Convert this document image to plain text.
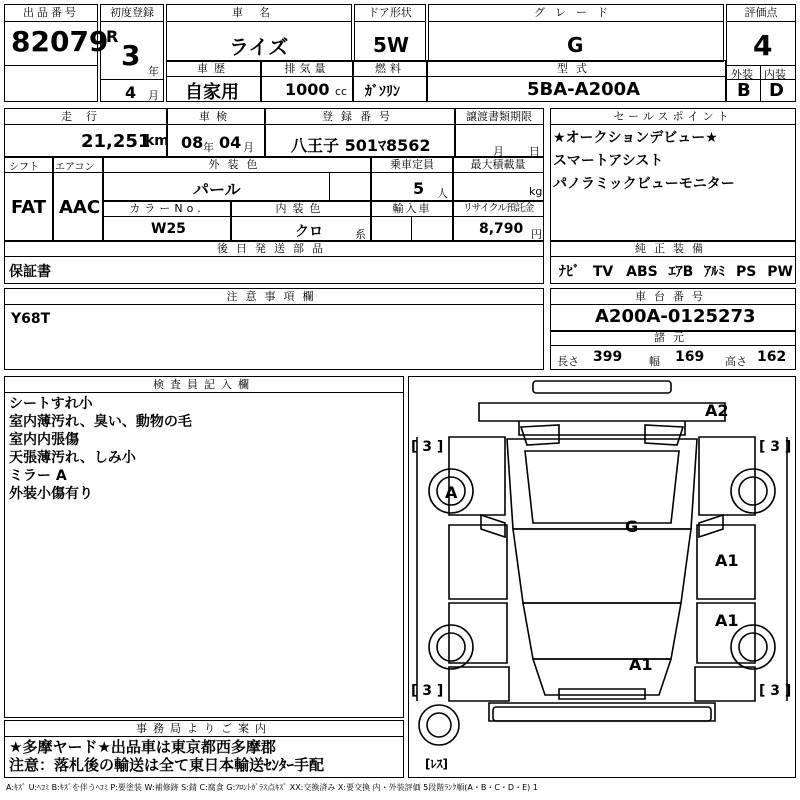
出品番号
82079
初度登録
R
3 年
4 月
車名
ライズ
ドア形状
5W
グレード
G
評価点
4
外装 内装
B D
車歴
自家用
排気量
1000 cc
燃料
ｶﾞｿﾘﾝ
型式
5BA-A200A
走行
21,251
km
車検
08 年 04 月
登録番号
八王子 501ﾏ8562
譲渡書類期限
月 日
セールスポイント
★オークションデビュー★
スマートアシスト
パノラミックビューモニター
シフト
FAT
エアコン
AAC
外装色
パール
乗車定員
5 人
最大積載量
kg
カラーNo.
W25
内装色
クロ	系
輸入車	リサイクル預託金
8,790 円
後日発送部品
保証書
純正装備
ﾅﾋﾞ TV ABS ｴｱB ｱﾙﾐ PS PW
注意事項欄
Y68T
車台番号
A200A-0125273
諸元
長さ 399 幅 169 高さ 162
検査員記入欄
シートすれ小
室内薄汚れ、臭い、動物の毛
室内内張傷
天張薄汚れ、しみ小
ミラー A
外装小傷有り
事務局よりご案内
★多摩ヤード★出品車は東京都西多摩郡
注意：落札後の輸送は全て東日本輸送ｾﾝﾀｰ手配
A2
G
A
A1
A1
A1
[ 3 ]	[ 3 ]
[ 3 ]	[ 3 ]
[ﾚｽ]
A:ｷｽﾞ U:ﾍｺﾐ B:ｷｽﾞを伴うﾍｺﾐ P:要塗装 W:補修跡 S:錆 C:腐食 G:ﾌﾛﾝﾄｶﾞﾗｽ点ｷｽﾞ XX:交換済み X:要交換 内・外装評価 5段階ﾗﾝｸ順(A・B・C・D・E) 1
